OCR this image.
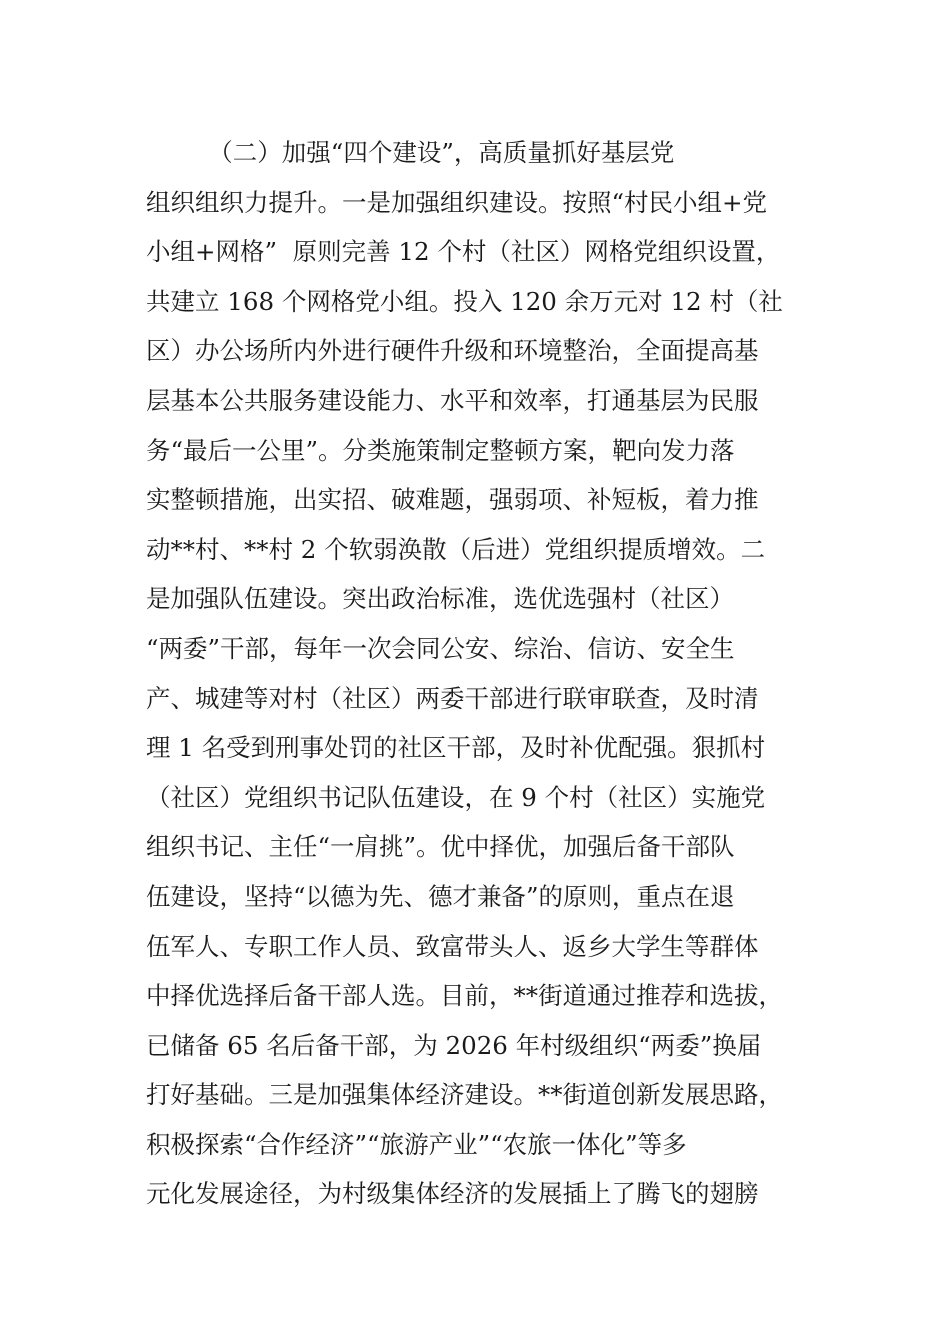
（二）加强“四个建设”，高质量抓好基层党
组织组织力提升。一是加强组织建设。按照“村民小组+党
小组+网格”  原则完善 12 个村（社区）网格党组织设置，
共建立 168 个网格党小组。投入 120 余万元对 12 村（社
区）办公场所内外进行硬件升级和环境整治，全面提高基
层基本公共服务建设能力、水平和效率，打通基层为民服
务“最后一公里”。分类施策制定整顿方案，靶向发力落
实整顿措施，出实招、破难题，强弱项、补短板，着力推
动**村、**村 2 个软弱涣散（后进）党组织提质增效。二
是加强队伍建设。突出政治标准，选优选强村（社区）
“两委”干部，每年一次会同公安、综治、信访、安全生
产、城建等对村（社区）两委干部进行联审联查，及时清
理 1 名受到刑事处罚的社区干部，及时补优配强。狠抓村
（社区）党组织书记队伍建设，在 9 个村（社区）实施党
组织书记、主任“一肩挑”。优中择优，加强后备干部队
伍建设，坚持“以德为先、德才兼备”的原则，重点在退
伍军人、专职工作人员、致富带头人、返乡大学生等群体
中择优选择后备干部人选。目前，**街道通过推荐和选拔，
已储备 65 名后备干部，为 2026 年村级组织“两委”换届
打好基础。三是加强集体经济建设。**街道创新发展思路，
积极探索“合作经济”“旅游产业”“农旅一体化”等多
元化发展途径，为村级集体经济的发展插上了腾飞的翅膀
